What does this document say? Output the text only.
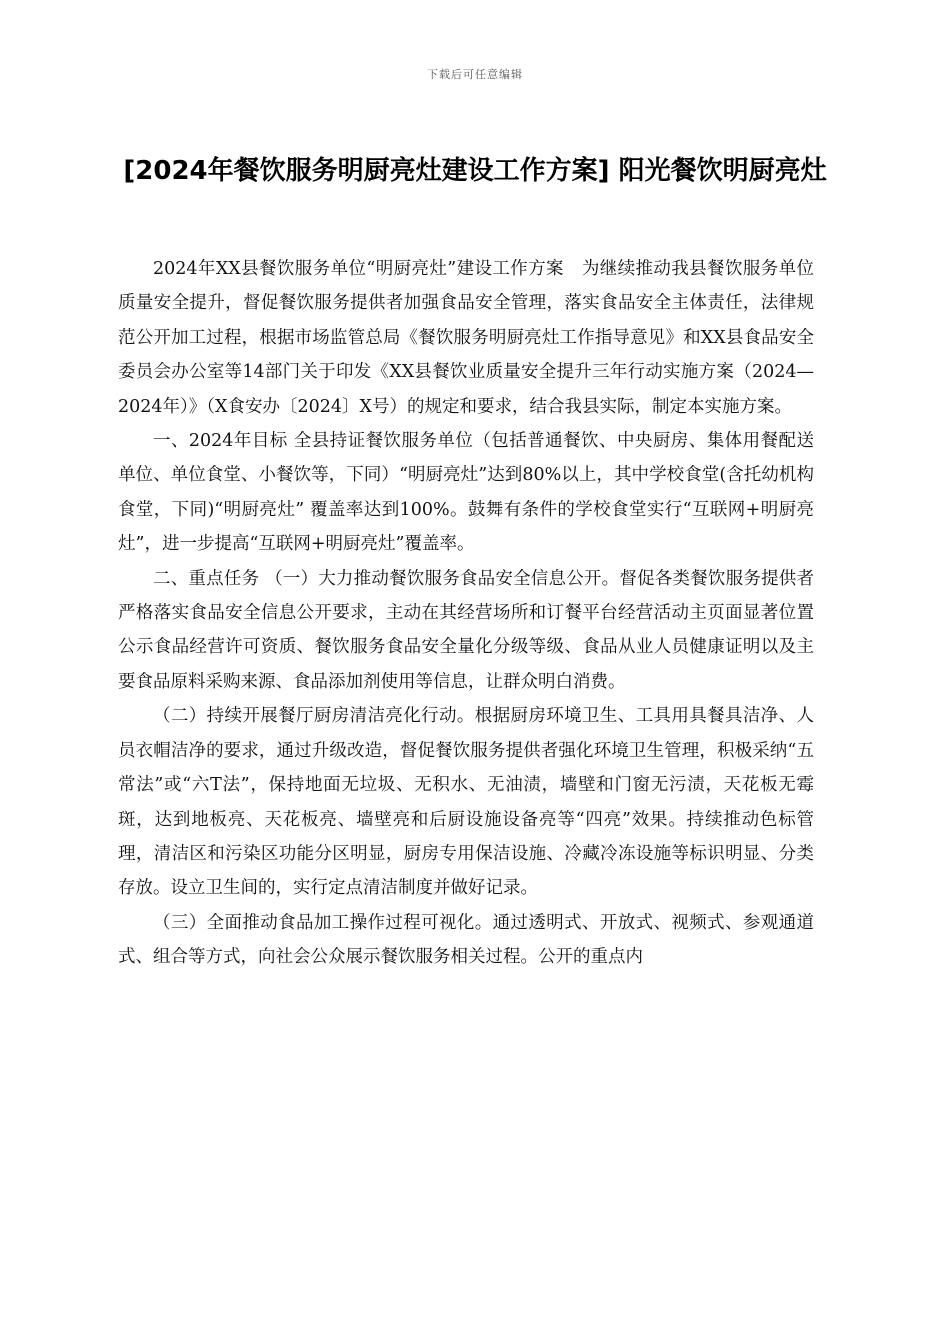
下载后可任意编辑
[2024年餐饮服务明厨亮灶建设工作方案] 阳光餐饮明厨亮灶

2024年XX县餐饮服务单位“明厨亮灶”建设工作方案　为继续推动我县餐饮服务单位质量安全提升，督促餐饮服务提供者加强食品安全管理，落实食品安全主体责任，法律规范公开加工过程，根据市场监管总局《餐饮服务明厨亮灶工作指导意见》和XX县食品安全委员会办公室等14部门关于印发《XX县餐饮业质量安全提升三年行动实施方案（2024—2024年）》（X食安办〔2024〕X号）的规定和要求，结合我县实际，制定本实施方案。

一、2024年目标 全县持证餐饮服务单位（包括普通餐饮、中央厨房、集体用餐配送单位、单位食堂、小餐饮等，下同）“明厨亮灶”达到80%以上，其中学校食堂(含托幼机构食堂，下同)“明厨亮灶” 覆盖率达到100%。鼓舞有条件的学校食堂实行“互联网+明厨亮灶”，进一步提高“互联网+明厨亮灶”覆盖率。

二、重点任务 （一）大力推动餐饮服务食品安全信息公开。督促各类餐饮服务提供者严格落实食品安全信息公开要求，主动在其经营场所和订餐平台经营活动主页面显著位置公示食品经营许可资质、餐饮服务食品安全量化分级等级、食品从业人员健康证明以及主要食品原料采购来源、食品添加剂使用等信息，让群众明白消费。

（二）持续开展餐厅厨房清洁亮化行动。根据厨房环境卫生、工具用具餐具洁净、人员衣帽洁净的要求，通过升级改造，督促餐饮服务提供者强化环境卫生管理，积极采纳“五常法”或“六T法”，保持地面无垃圾、无积水、无油渍，墙壁和门窗无污渍，天花板无霉斑，达到地板亮、天花板亮、墙壁亮和后厨设施设备亮等“四亮”效果。持续推动色标管理，清洁区和污染区功能分区明显，厨房专用保洁设施、冷藏冷冻设施等标识明显、分类存放。设立卫生间的，实行定点清洁制度并做好记录。

（三）全面推动食品加工操作过程可视化。通过透明式、开放式、视频式、参观通道式、组合等方式，向社会公众展示餐饮服务相关过程。公开的重点内
